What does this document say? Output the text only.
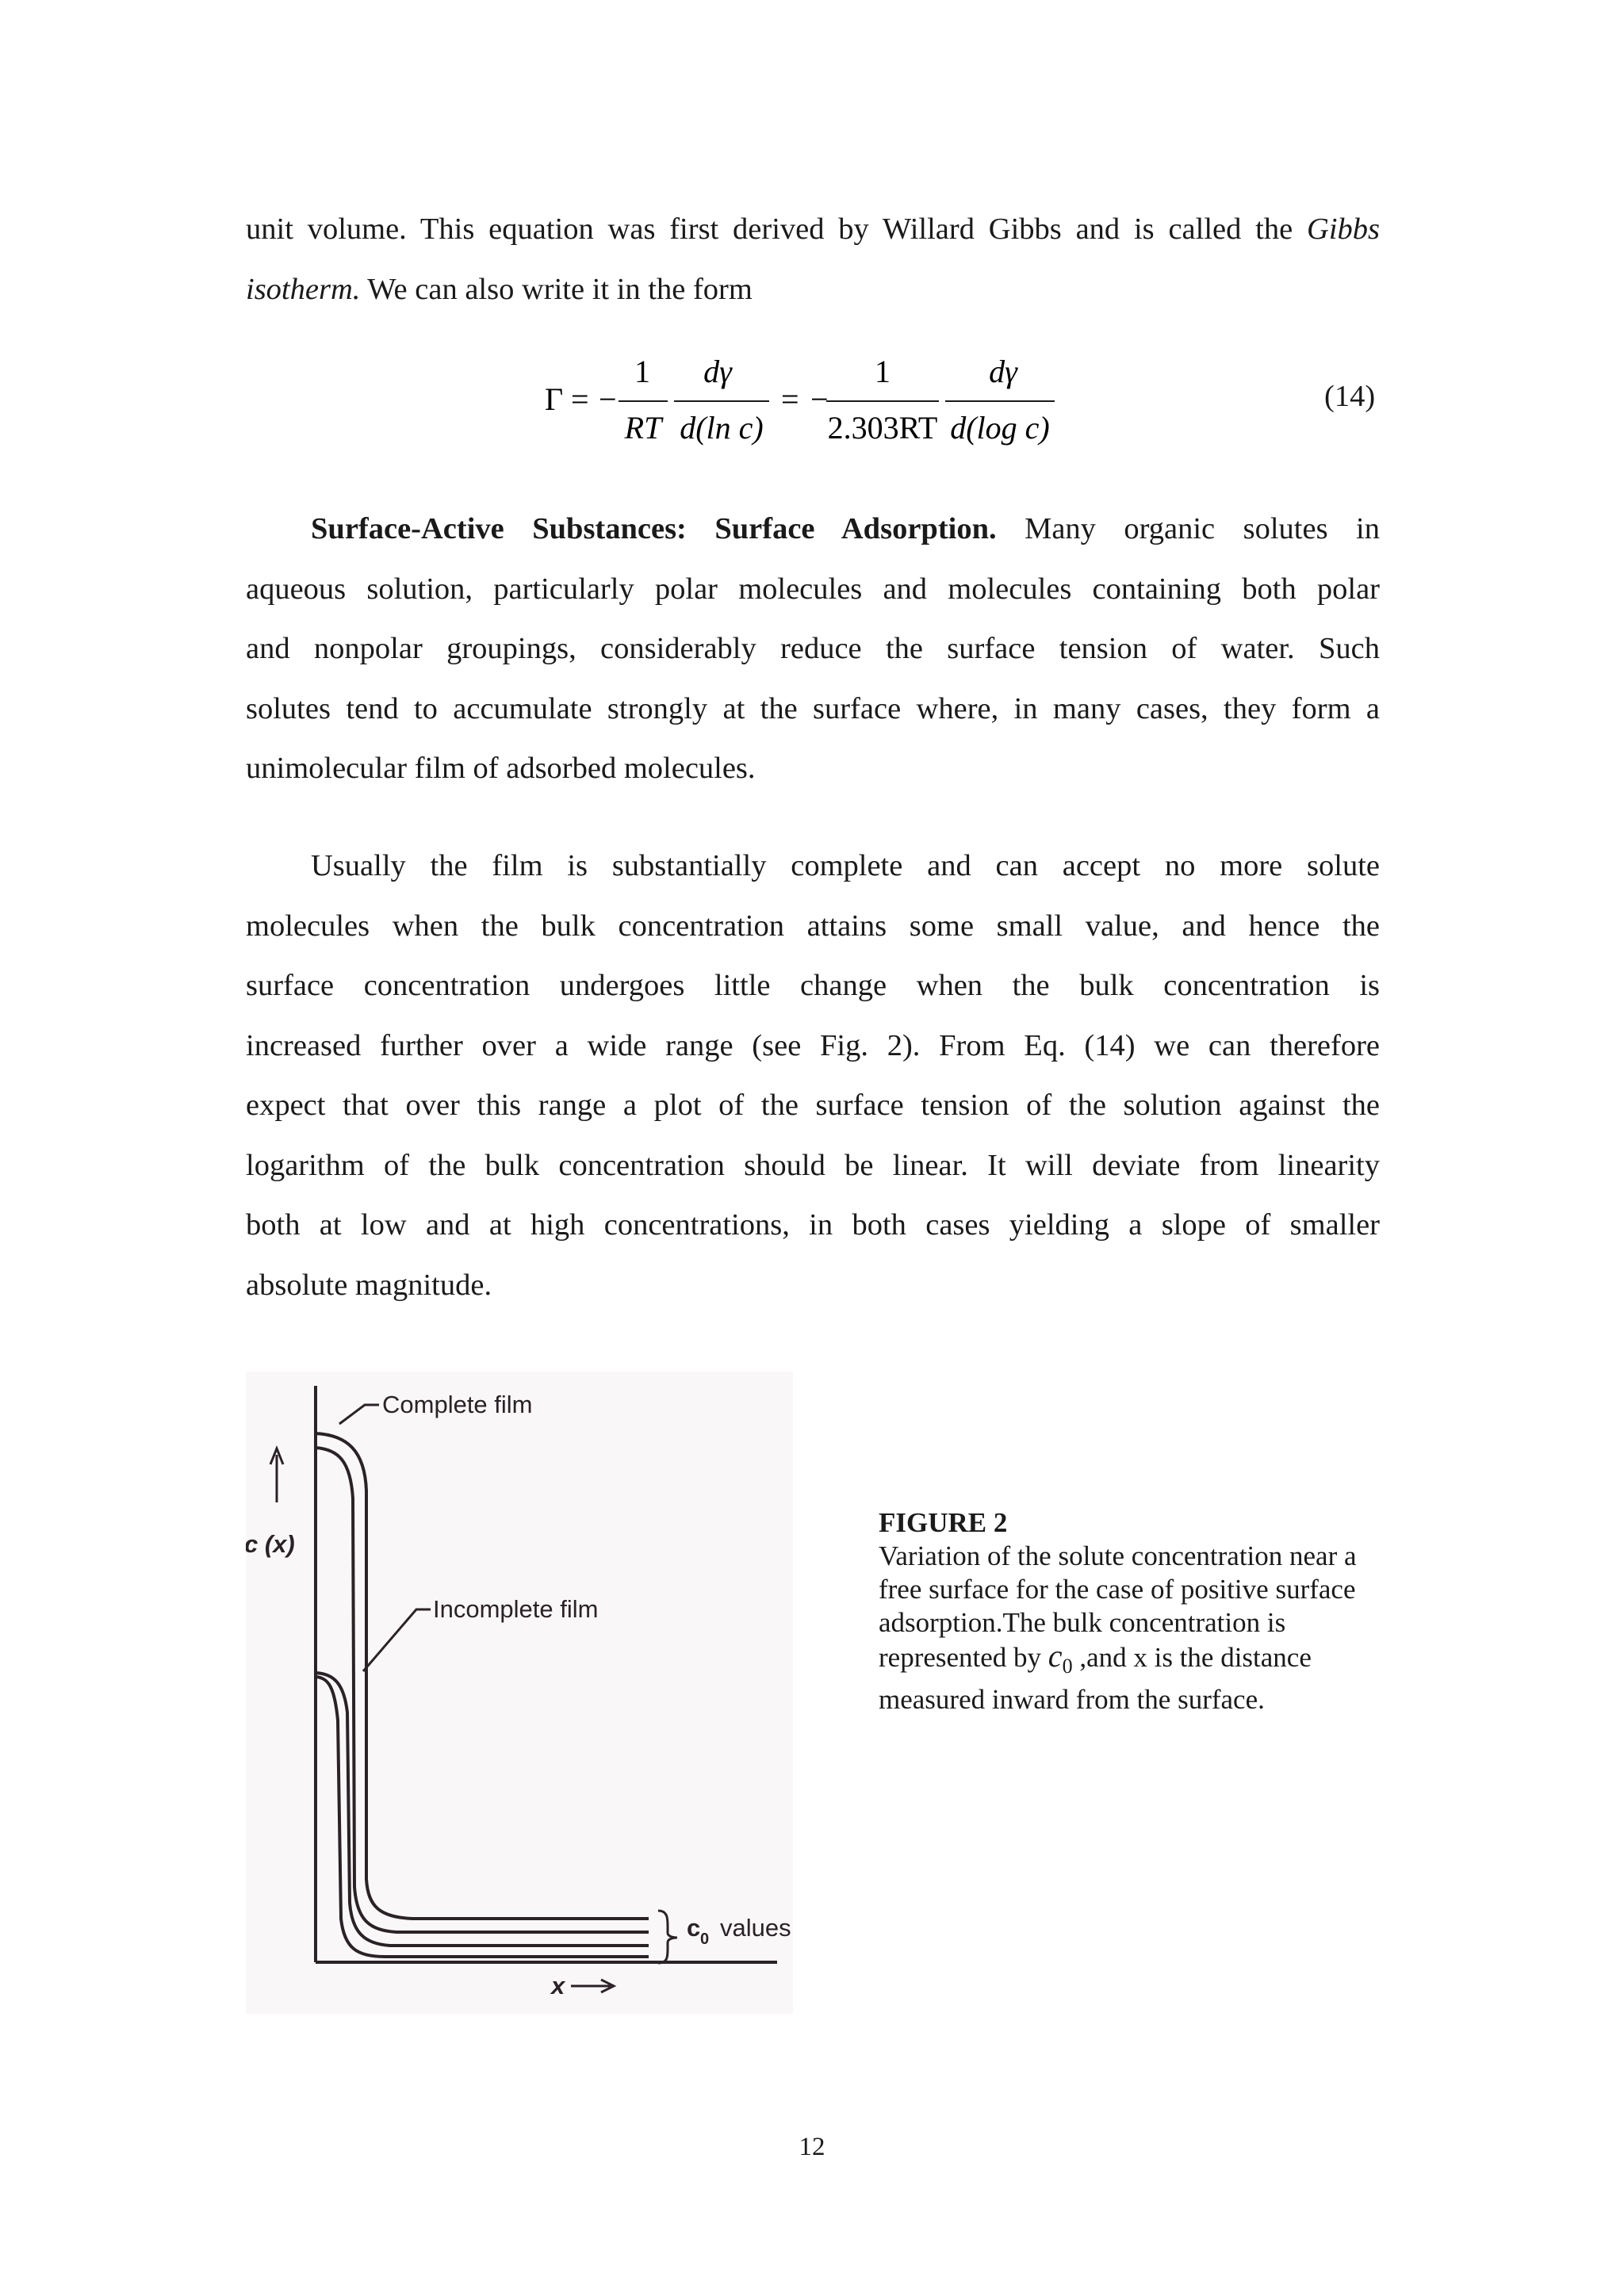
unit volume. This equation was first derived by Willard Gibbs and is called the Gibbs
isotherm. We can also write it in the form
Γ = −
1
RT
dγ
d(ln c)
= −
1
2.303RT
dγ
d(log c)
(14)
Surface-Active Substances: Surface Adsorption. Many organic solutes in
aqueous solution, particularly polar molecules and molecules containing both polar
and nonpolar groupings, considerably reduce the surface tension of water. Such
solutes tend to accumulate strongly at the surface where, in many cases, they form a
unimolecular film of adsorbed molecules.
Usually the film is substantially complete and can accept no more solute
molecules when the bulk concentration attains some small value, and hence the
surface concentration undergoes little change when the bulk concentration is
increased further over a wide range (see Fig. 2). From Eq. (14) we can therefore
expect that over this range a plot of the surface tension of the solution against the
logarithm of the bulk concentration should be linear. It will deviate from linearity
both at low and at high concentrations, in both cases yielding a slope of smaller
absolute magnitude.
Complete film
Incomplete film
c (x)
x
c 0 values
FIGURE 2
Variation of the solute concentration near a free surface for the case of positive surface adsorption.The bulk concentration is represented by $c_0$ ,and x is the distance measured inward from the surface.
12
